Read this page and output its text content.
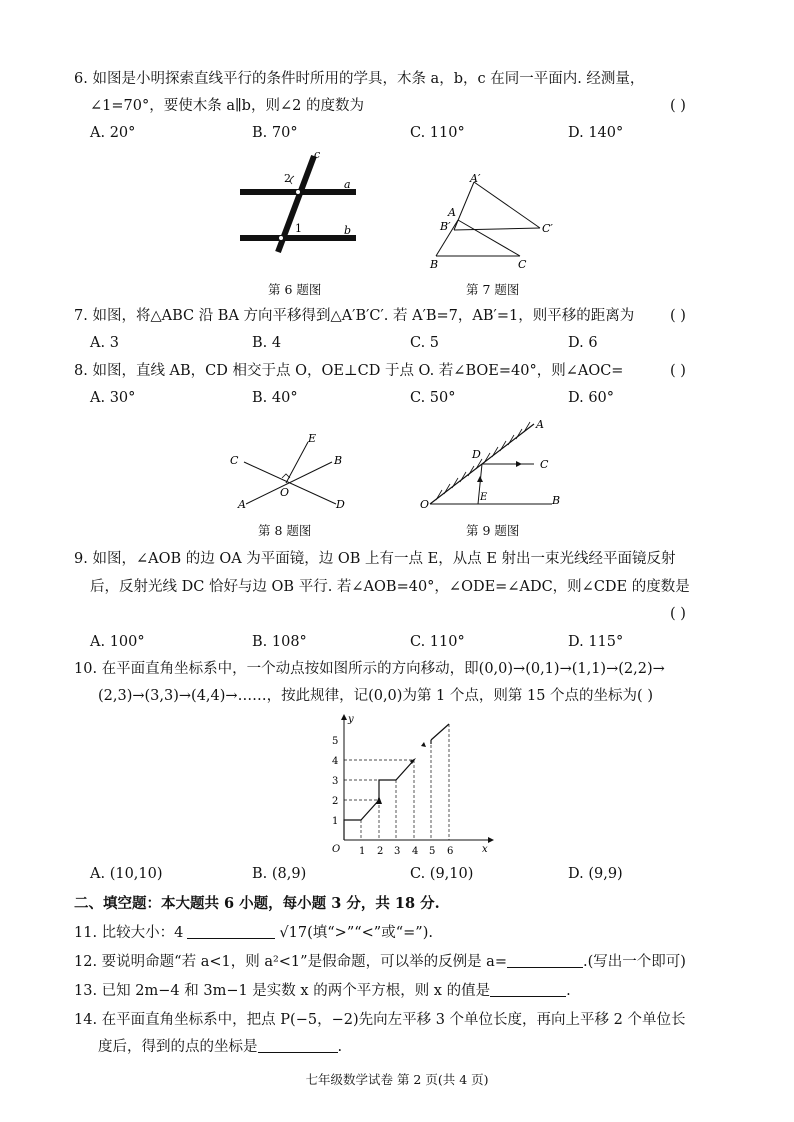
6. 如图是小明探索直线平行的条件时所用的学具，木条 a，b，c 在同一平面内. 经测量，
∠1=70°，要使木条 a∥b，则∠2 的度数为	( )
A. 20°	B. 70°	C. 110°	D. 140°
c
a
b
2
1
第 6 题图
A′
A
B′	C′
B	C
第 7 题图
7. 如图，将△ABC 沿 BA 方向平移得到△A′B′C′. 若 A′B=7，AB′=1，则平移的距离为 ( )
A. 3	B. 4	C. 5	D. 6
8. 如图，直线 AB，CD 相交于点 O，OE⊥CD 于点 O. 若∠BOE=40°，则∠AOC=	( )
A. 30°	B. 40°	C. 50°	D. 60°
E
C	B
O
D
A
第 8 题图
A
D
C
O
E	B
第 9 题图
9. 如图，∠AOB 的边 OA 为平面镜，边 OB 上有一点 E，从点 E 射出一束光线经平面镜反射
后，反射光线 DC 恰好与边 OB 平行. 若∠AOB=40°，∠ODE=∠ADC，则∠CDE 的度数是
( )
A. 100°	B. 108°	C. 110°	D. 115°
10. 在平面直角坐标系中，一个动点按如图所示的方向移动，即(0,0)→(0,1)→(1,1)→(2,2)→
(2,3)→(3,3)→(4,4)→……，按此规律，记(0,0)为第 1 个点，则第 15 个点的坐标为( )
y
x
O 1 2 3 4 5 6
1
2
3
4
5
A. (10,10)	B. (8,9)	C. (9,10)	D. (9,9)
二、填空题：本大题共 6 小题，每小题 3 分，共 18 分.
11. 比较大小：4	√17(填“>”“<”或“=”).
12. 要说明命题“若 a<1，则 a²<1”是假命题，可以举的反例是 a=	.(写出一个即可)
13. 已知 2m−4 和 3m−1 是实数 x 的两个平方根，则 x 的值是	.
14. 在平面直角坐标系中，把点 P(−5，−2)先向左平移 3 个单位长度，再向上平移 2 个单位长
度后，得到的点的坐标是	.
七年级数学试卷 第 2 页(共 4 页)
